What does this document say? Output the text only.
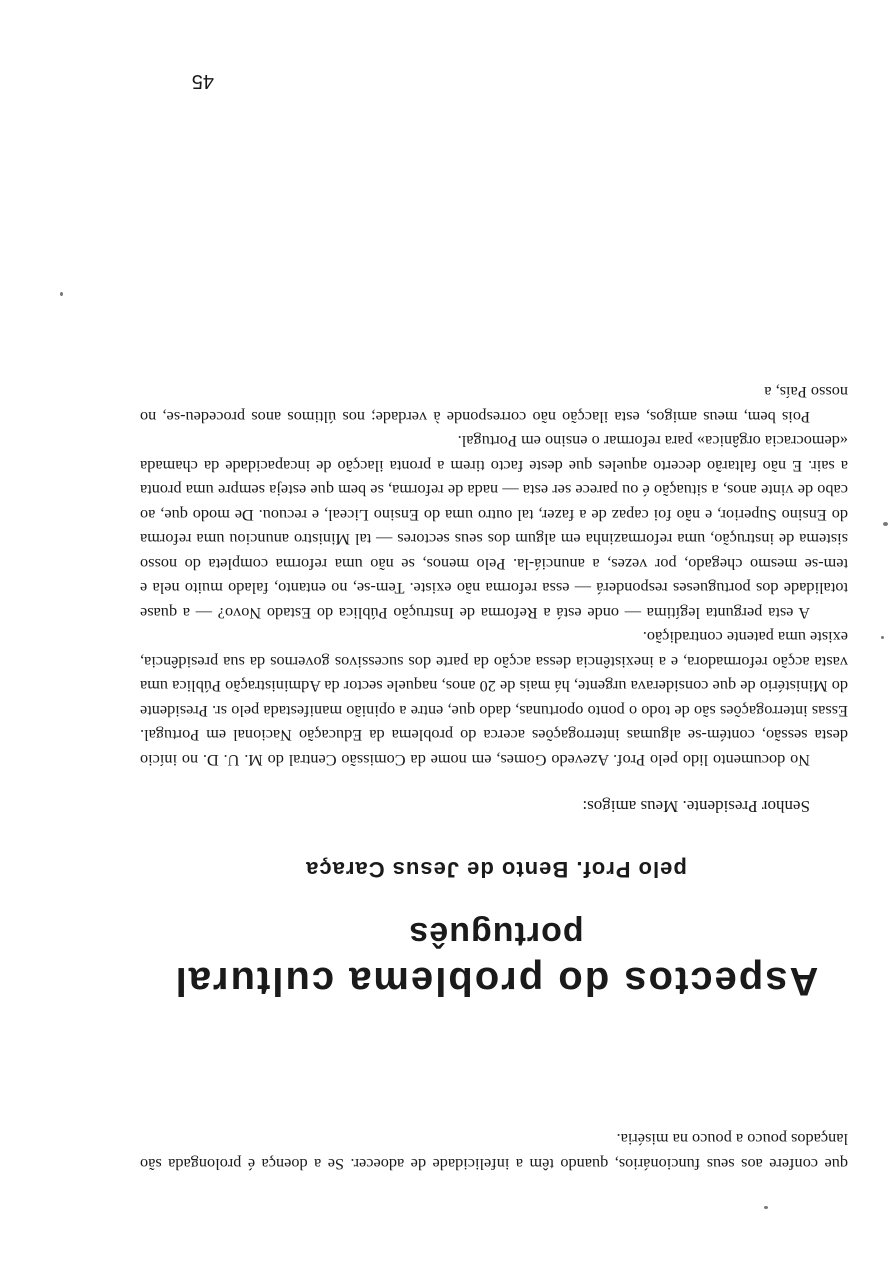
que confere aos seus funcionários, quando têm a infelicidade de adoecer. Se a doença é prolongada são lançados pouco a pouco na miséria.

Aspectos do problema cultural
português

pelo Prof. Bento de Jesus Caraça

Senhor Presidente. Meus amigos:

No documento lido pelo Prof. Azevedo Gomes, em nome da Comissão Central do M. U. D. no início desta sessão, contém-se algumas interrogações acerca do problema da Educação Nacional em Portugal. Essas interrogações são de todo o ponto oportunas, dado que, entre a opinião manifestada pelo sr. Presidente do Ministério de que considerava urgente, há mais de 20 anos, naquele sector da Administração Pública uma vasta acção reformadora, e a inexistência dessa acção da parte dos sucessivos governos da sua presidência, existe uma patente contradição.

A esta pergunta legítima — onde está a Reforma de Instrução Pública do Estado Novo? — a quase totalidade dos portugueses responderá — essa reforma não existe. Tem-se, no entanto, falado muito nela e tem-se mesmo chegado, por vezes, a anunciá-la. Pelo menos, se não uma reforma completa do nosso sistema de instrução, uma reformazinha em algum dos seus sectores — tal Ministro anunciou uma reforma do Ensino Superior, e não foi capaz de a fazer, tal outro uma do Ensino Liceal, e recuou. De modo que, ao cabo de vinte anos, a situação é ou parece ser esta — nada de reforma, se bem que esteja sempre uma pronta a sair. E não faltarão decerto aqueles que deste facto tirem a pronta ilacção de incapacidade da chamada «democracia orgânica» para reformar o ensino em Portugal.

Pois bem, meus amigos, esta ilacção não corresponde à verdade; nos últimos anos procedeu-se, no nosso País, a

45
